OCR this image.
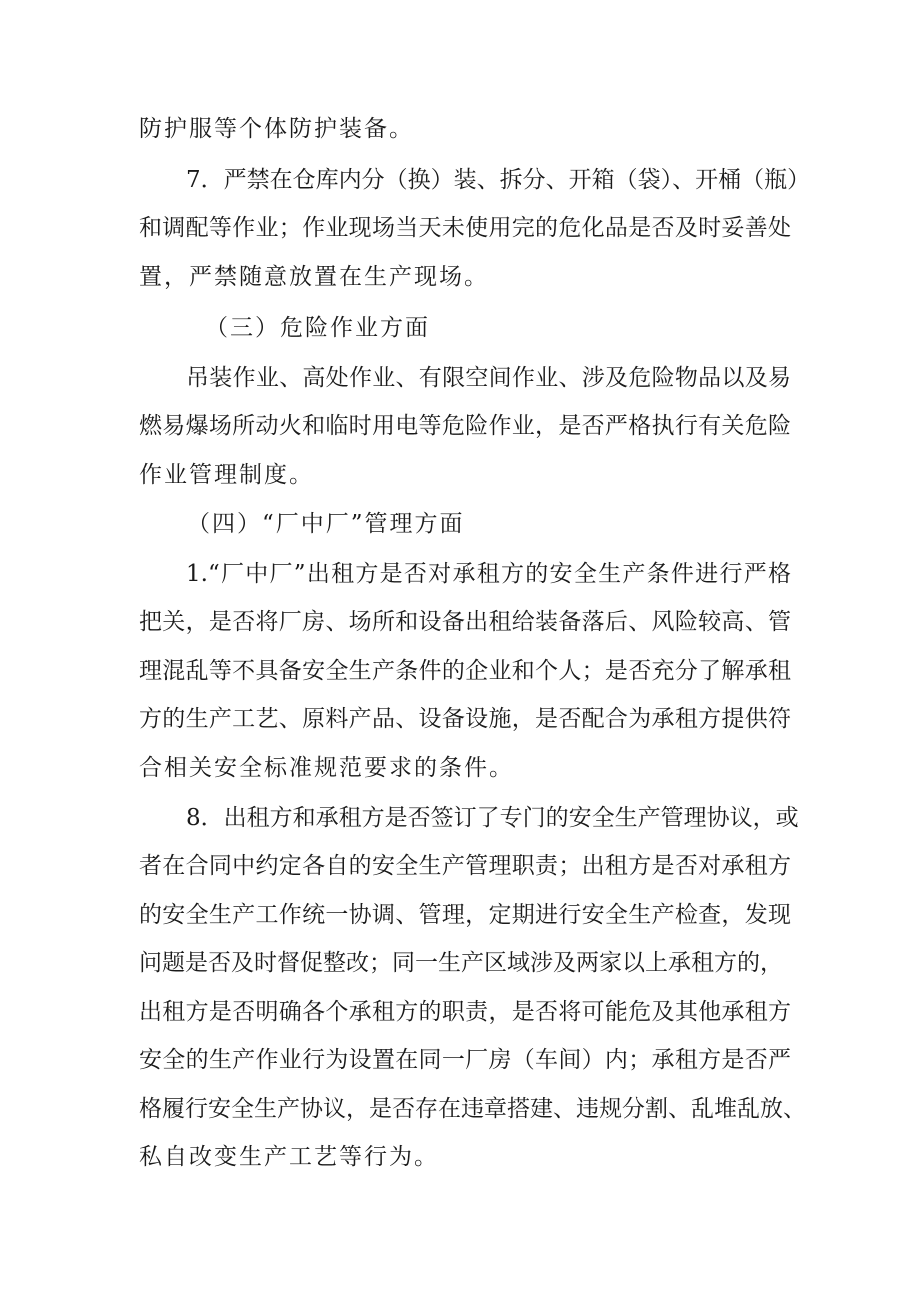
防护服等个体防护装备。

7．严禁在仓库内分（换）装、拆分、开箱（袋）、开桶（瓶）

和调配等作业；作业现场当天未使用完的危化品是否及时妥善处

置，严禁随意放置在生产现场。

（三）危险作业方面

吊装作业、高处作业、有限空间作业、涉及危险物品以及易

燃易爆场所动火和临时用电等危险作业，是否严格执行有关危险

作业管理制度。

（四）“厂中厂”管理方面

1.“厂中厂”出租方是否对承租方的安全生产条件进行严格

把关，是否将厂房、场所和设备出租给装备落后、风险较高、管

理混乱等不具备安全生产条件的企业和个人；是否充分了解承租

方的生产工艺、原料产品、设备设施，是否配合为承租方提供符

合相关安全标准规范要求的条件。

8．出租方和承租方是否签订了专门的安全生产管理协议，或

者在合同中约定各自的安全生产管理职责；出租方是否对承租方

的安全生产工作统一协调、管理，定期进行安全生产检查，发现

问题是否及时督促整改；同一生产区域涉及两家以上承租方的，

出租方是否明确各个承租方的职责，是否将可能危及其他承租方

安全的生产作业行为设置在同一厂房（车间）内；承租方是否严

格履行安全生产协议，是否存在违章搭建、违规分割、乱堆乱放、

私自改变生产工艺等行为。
